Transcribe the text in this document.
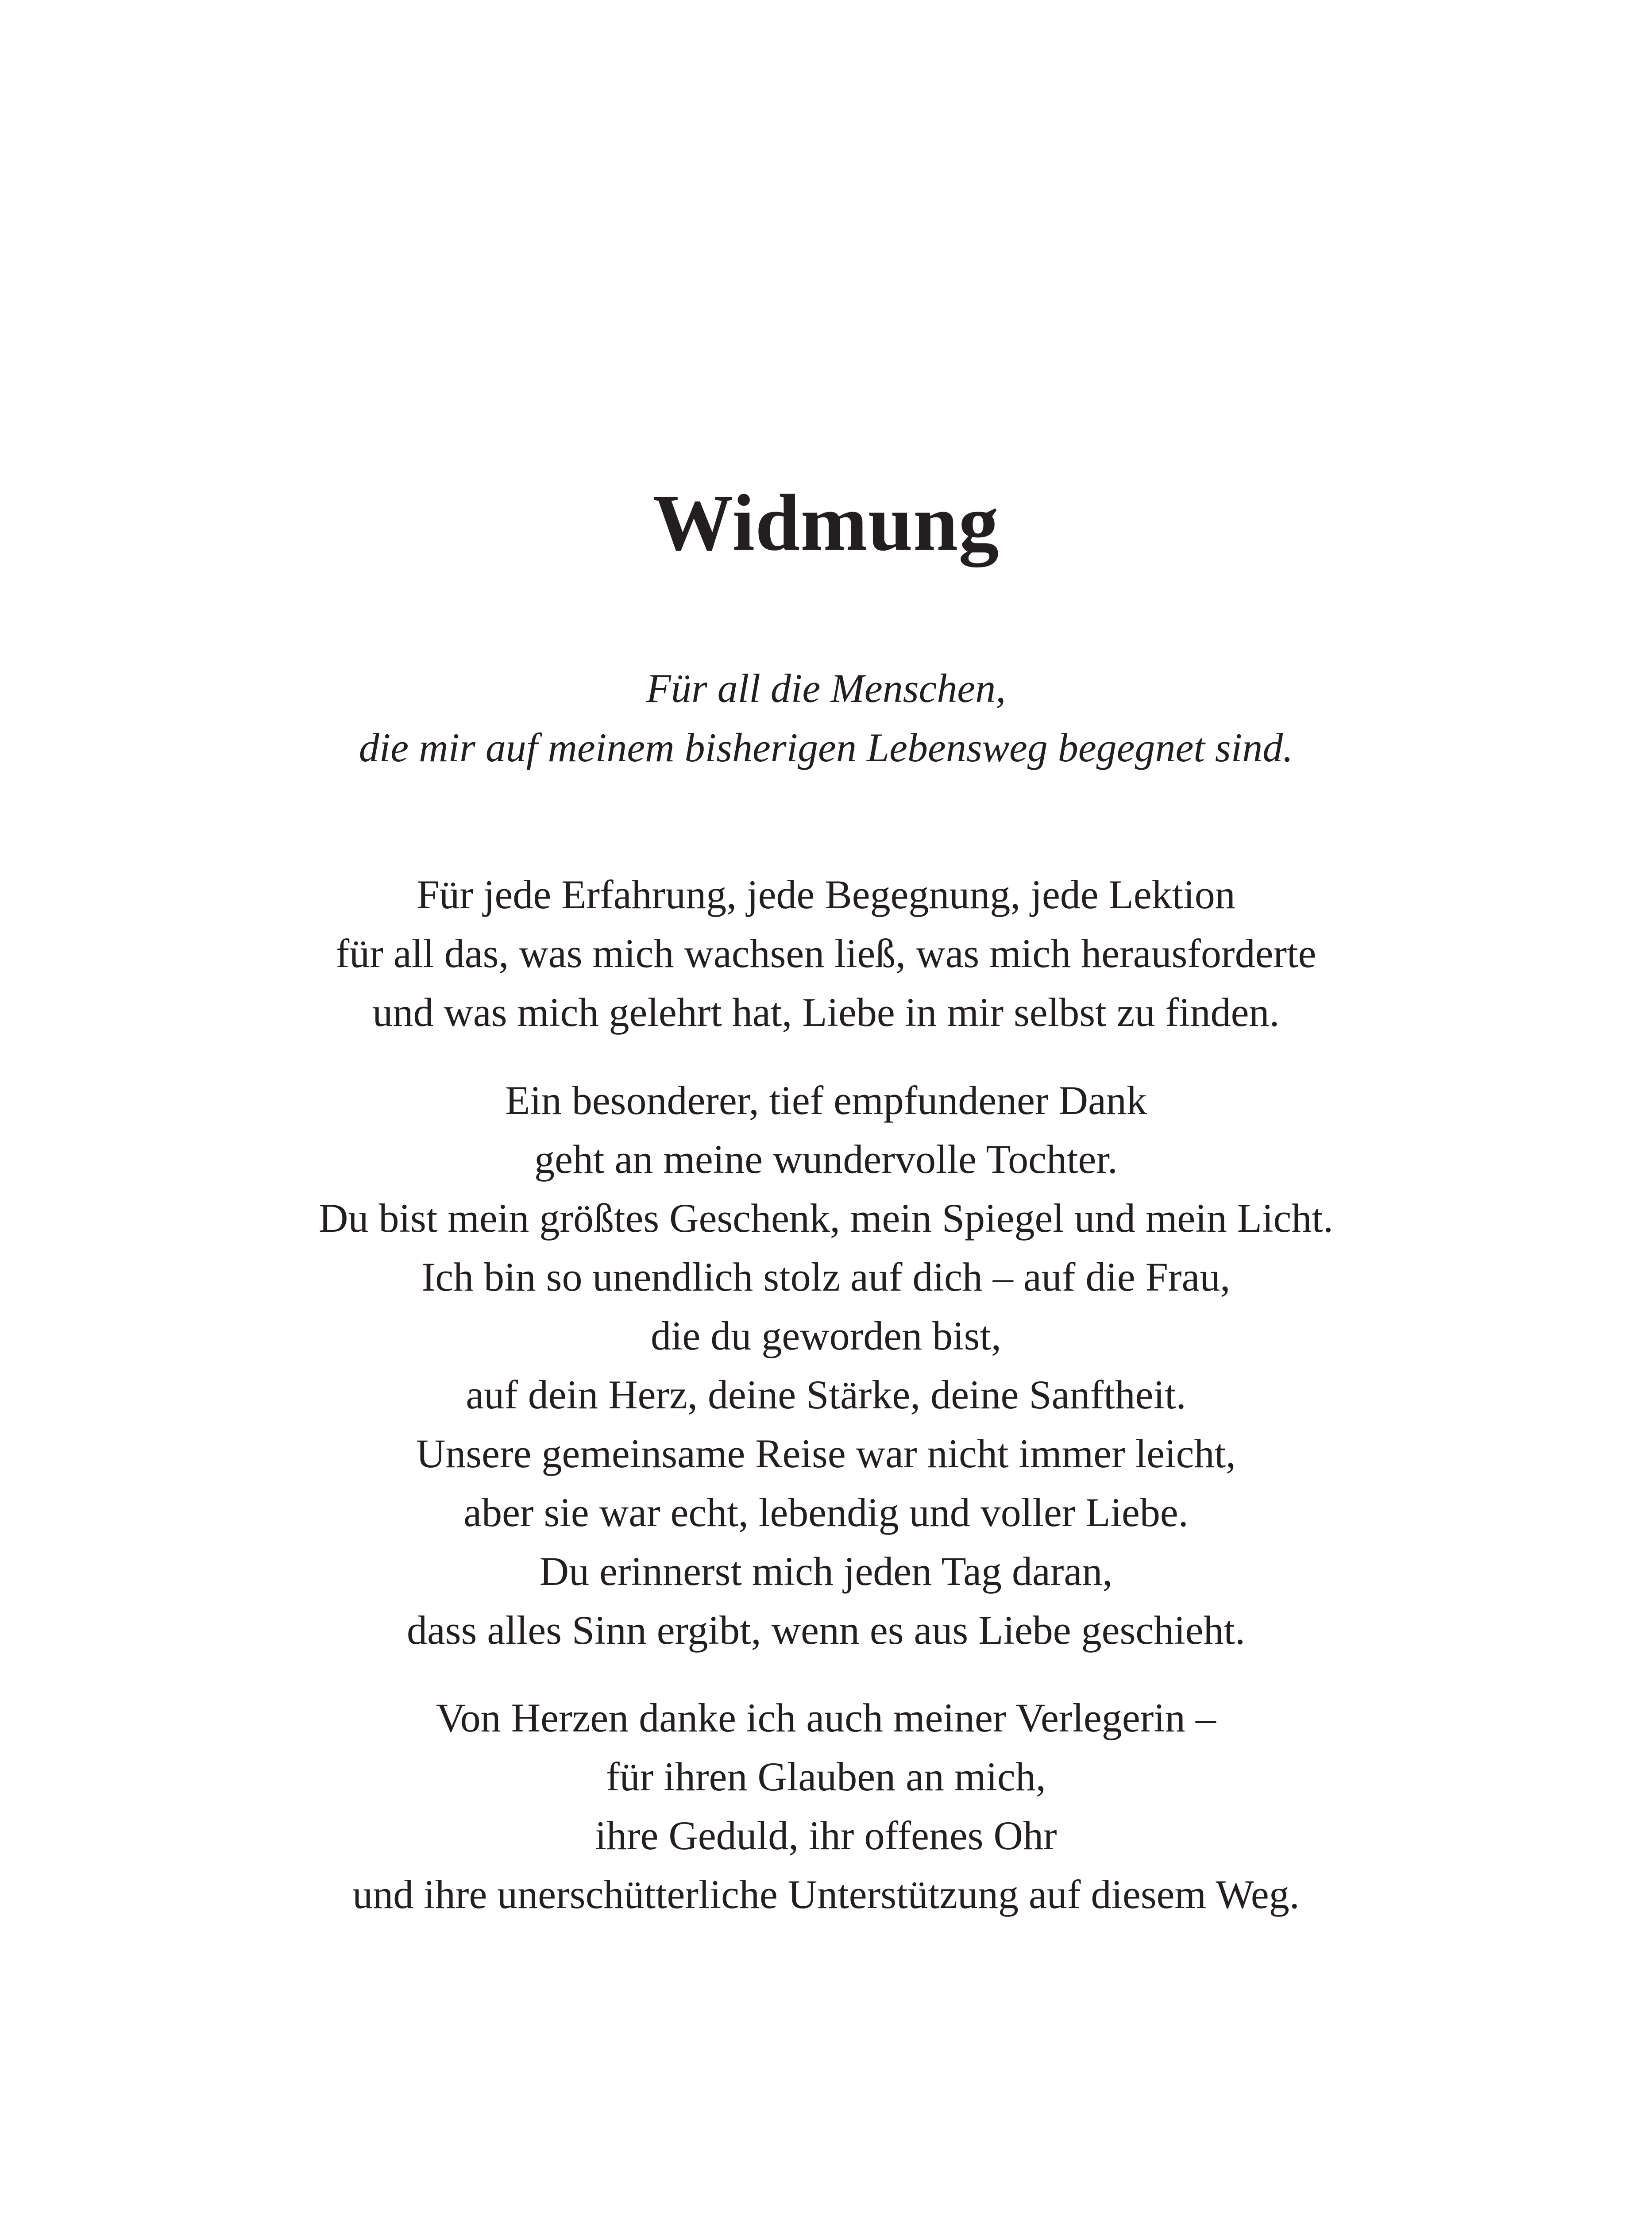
Widmung
Für all die Menschen,
die mir auf meinem bisherigen Lebensweg begegnet sind.
Für jede Erfahrung, jede Begegnung, jede Lektion
für all das, was mich wachsen ließ, was mich herausforderte
und was mich gelehrt hat, Liebe in mir selbst zu finden.
Ein besonderer, tief empfundener Dank
geht an meine wundervolle Tochter.
Du bist mein größtes Geschenk, mein Spiegel und mein Licht.
Ich bin so unendlich stolz auf dich – auf die Frau,
die du geworden bist,
auf dein Herz, deine Stärke, deine Sanftheit.
Unsere gemeinsame Reise war nicht immer leicht,
aber sie war echt, lebendig und voller Liebe.
Du erinnerst mich jeden Tag daran,
dass alles Sinn ergibt, wenn es aus Liebe geschieht.
Von Herzen danke ich auch meiner Verlegerin –
für ihren Glauben an mich,
ihre Geduld, ihr offenes Ohr
und ihre unerschütterliche Unterstützung auf diesem Weg.
